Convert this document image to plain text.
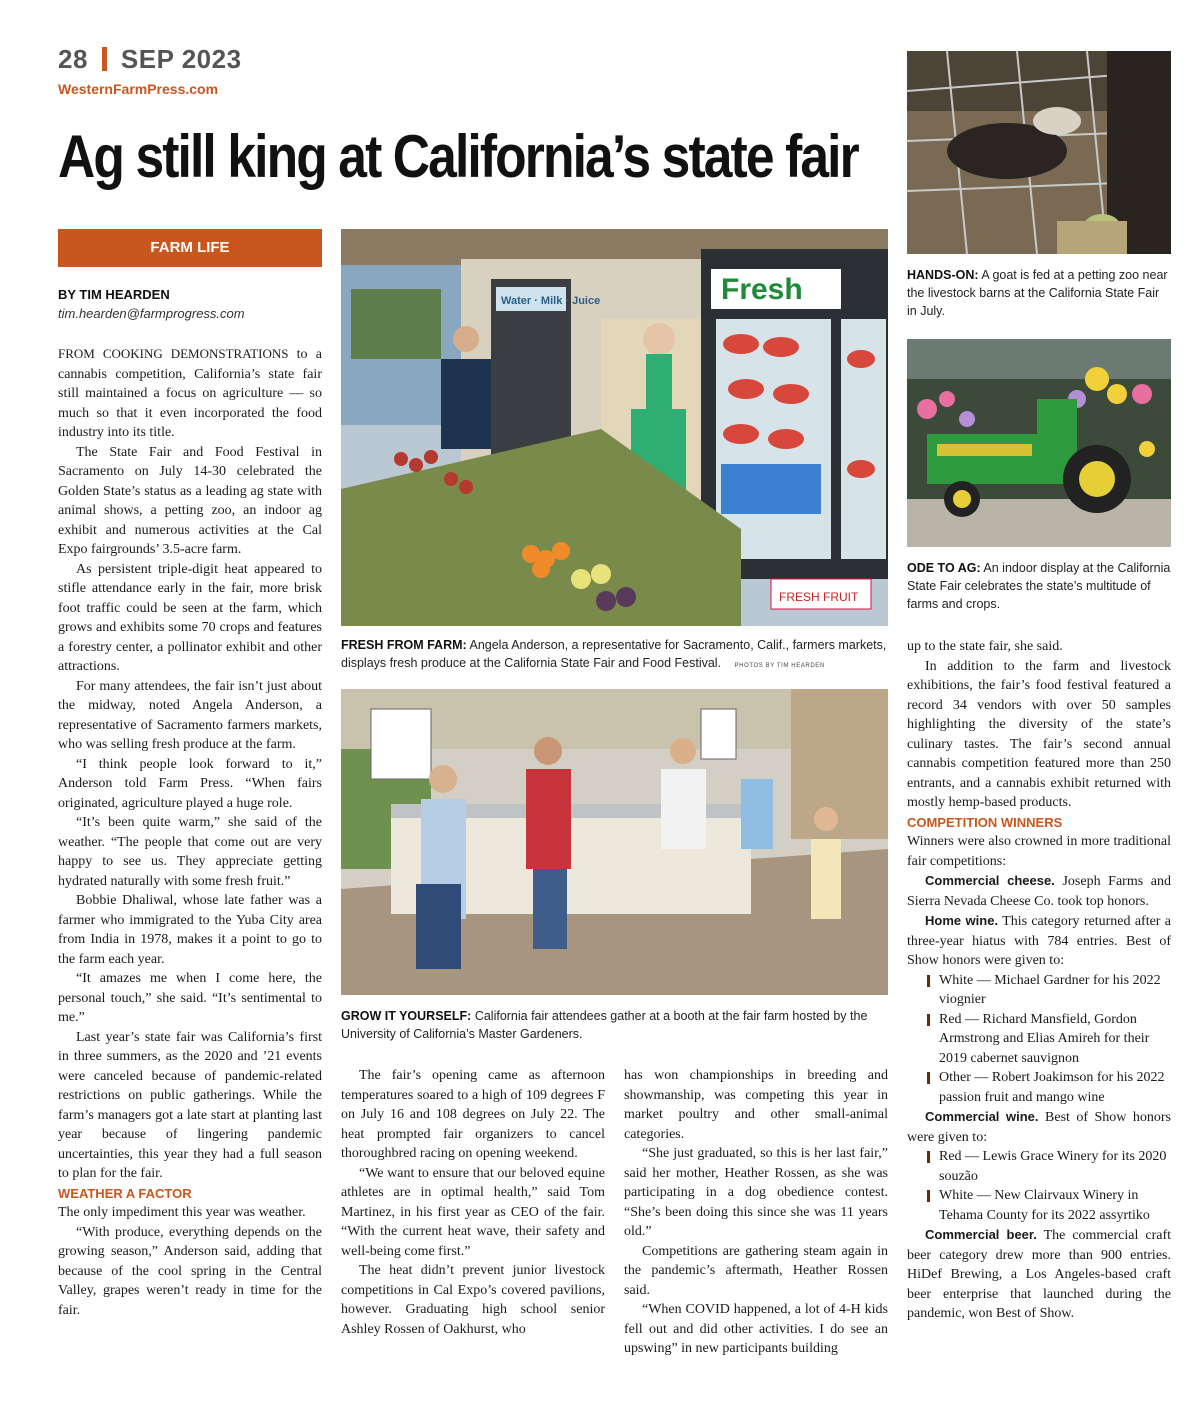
28 SEP 2023
WesternFarmPress.com
Ag still king at California’s state fair
FARM LIFE
BY TIM HEARDEN
tim.hearden@farmprogress.com

FROM COOKING DEMONSTRATIONS to a cannabis competition, California’s state fair still maintained a focus on agriculture — so much so that it even incorporated the food industry into its title.

The State Fair and Food Festival in Sacramento on July 14-30 celebrated the Golden State’s status as a leading ag state with animal shows, a petting zoo, an indoor ag exhibit and numerous activities at the Cal Expo fairgrounds’ 3.5-acre farm.

As persistent triple-digit heat appeared to stifle attendance early in the fair, more brisk foot traffic could be seen at the farm, which grows and exhibits some 70 crops and features a forestry center, a pollinator exhibit and other attractions.

For many attendees, the fair isn’t just about the midway, noted Angela Anderson, a representative of Sacramento farmers markets, who was selling fresh produce at the farm.

“I think people look forward to it,” Anderson told Farm Press. “When fairs originated, agriculture played a huge role.

“It’s been quite warm,” she said of the weather. “The people that come out are very happy to see us. They appreciate getting hydrated naturally with some fresh fruit.”

Bobbie Dhaliwal, whose late father was a farmer who immigrated to the Yuba City area from India in 1978, makes it a point to go to the farm each year.

“It amazes me when I come here, the personal touch,” she said. “It’s sentimental to me.”

Last year’s state fair was California’s first in three summers, as the 2020 and ’21 events were canceled because of pandemic-related restrictions on public gatherings. While the farm’s managers got a late start at planting last year because of lingering pandemic uncertainties, this year they had a full season to plan for the fair.

WEATHER A FACTOR

The only impediment this year was weather.

“With produce, everything depends on the growing season,” Anderson said, adding that because of the cool spring in the Central Valley, grapes weren’t ready in time for the fair.

Water · Milk · Juice	Fresh
FRESH FRUIT
FRESH FROM FARM: Angela Anderson, a representative for Sacramento, Calif., farmers markets, displays fresh produce at the California State Fair and Food Festival. PHOTOS BY TIM HEARDEN
GROW IT YOURSELF: California fair attendees gather at a booth at the fair farm hosted by the University of California’s Master Gardeners.

The fair’s opening came as afternoon temperatures soared to a high of 109 degrees F on July 16 and 108 degrees on July 22. The heat prompted fair organizers to cancel thoroughbred racing on opening weekend.

“We want to ensure that our beloved equine athletes are in optimal health,” said Tom Martinez, in his first year as CEO of the fair. “With the current heat wave, their safety and well-being come first.”

The heat didn’t prevent junior livestock competitions in Cal Expo’s covered pavilions, however. Graduating high school senior Ashley Rossen of Oakhurst, who

has won championships in breeding and showmanship, was competing this year in market poultry and other small-animal categories.

“She just graduated, so this is her last fair,” said her mother, Heather Rossen, as she was participating in a dog obedience contest. “She’s been doing this since she was 11 years old.”

Competitions are gathering steam again in the pandemic’s aftermath, Heather Rossen said.

“When COVID happened, a lot of 4-H kids fell out and did other activities. I do see an upswing” in new participants building

HANDS-ON: A goat is fed at a petting zoo near the livestock barns at the California State Fair in July.
ODE TO AG: An indoor display at the California State Fair celebrates the state’s multitude of farms and crops.

up to the state fair, she said.

In addition to the farm and livestock exhibitions, the fair’s food festival featured a record 34 vendors with over 50 samples highlighting the diversity of the state’s culinary tastes. The fair’s second annual cannabis competition featured more than 250 entrants, and a cannabis exhibit returned with mostly hemp-based products.

COMPETITION WINNERS

Winners were also crowned in more traditional fair competitions:

Commercial cheese. Joseph Farms and Sierra Nevada Cheese Co. took top honors.

Home wine. This category returned after a three-year hiatus with 784 entries. Best of Show honors were given to:

White — Michael Gardner for his 2022 viognier

Red — Richard Mansfield, Gordon Armstrong and Elias Amireh for their 2019 cabernet sauvignon

Other — Robert Joakimson for his 2022 passion fruit and mango wine

Commercial wine. Best of Show honors were given to:

Red — Lewis Grace Winery for its 2020 souzão

White — New Clairvaux Winery in Tehama County for its 2022 assyrtiko

Commercial beer. The commercial craft beer category drew more than 900 entries. HiDef Brewing, a Los Angeles-based craft beer enterprise that launched during the pandemic, won Best of Show.
